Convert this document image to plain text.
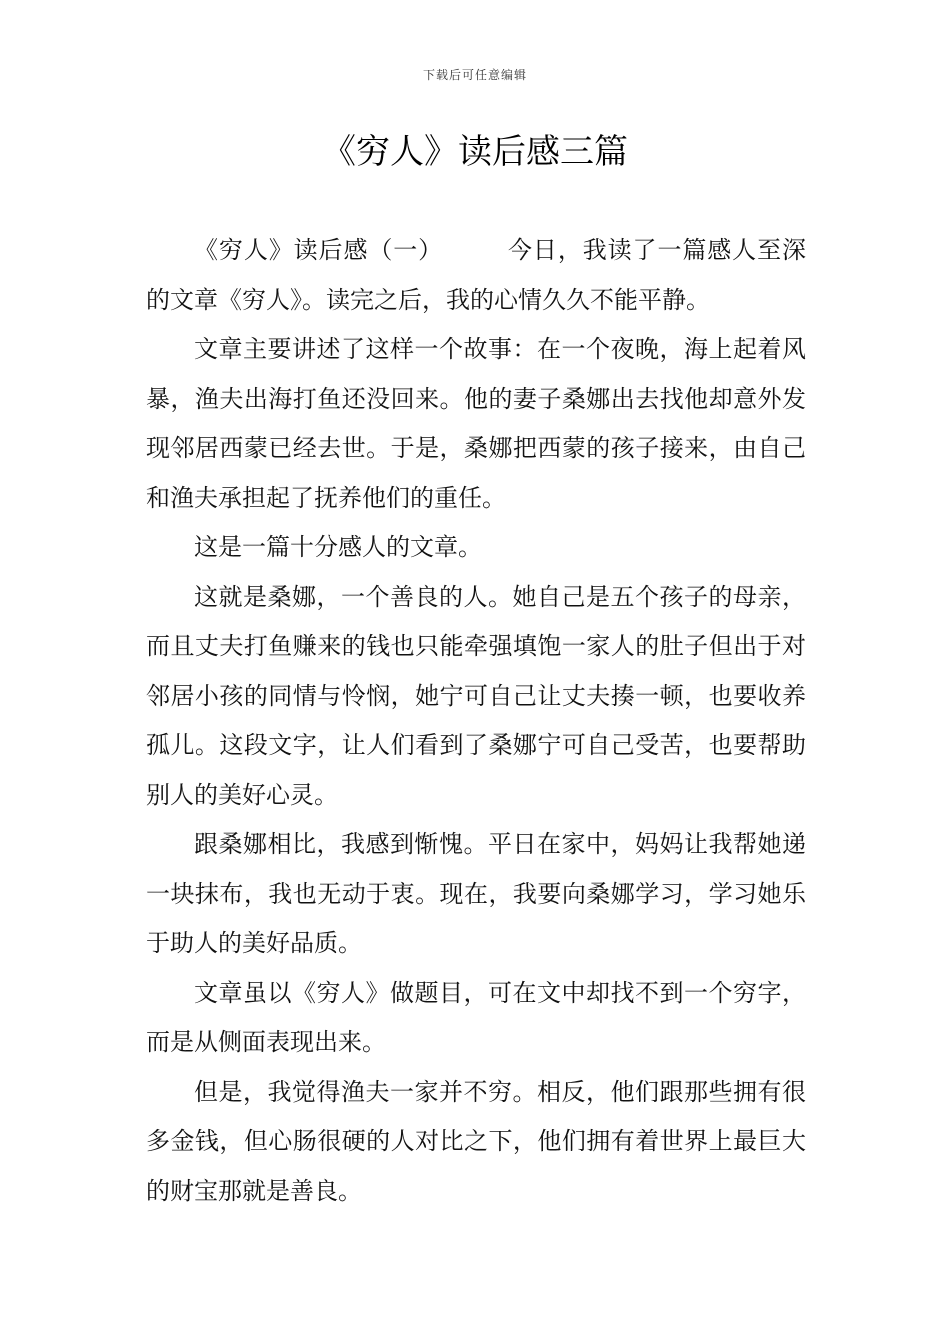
下载后可任意编辑
《穷人》读后感三篇

《穷人》读后感（一）	今日，我读了一篇感人至深的文章《穷人》。读完之后，我的心情久久不能平静。

文章主要讲述了这样一个故事：在一个夜晚，海上起着风暴，渔夫出海打鱼还没回来。他的妻子桑娜出去找他却意外发现邻居西蒙已经去世。于是，桑娜把西蒙的孩子接来，由自己和渔夫承担起了抚养他们的重任。

这是一篇十分感人的文章。

这就是桑娜，一个善良的人。她自己是五个孩子的母亲，而且丈夫打鱼赚来的钱也只能牵强填饱一家人的肚子但出于对邻居小孩的同情与怜悯，她宁可自己让丈夫揍一顿，也要收养孤儿。这段文字，让人们看到了桑娜宁可自己受苦，也要帮助别人的美好心灵。

跟桑娜相比，我感到惭愧。平日在家中，妈妈让我帮她递一块抹布，我也无动于衷。现在，我要向桑娜学习，学习她乐于助人的美好品质。

文章虽以《穷人》做题目，可在文中却找不到一个穷字，而是从侧面表现出来。

但是，我觉得渔夫一家并不穷。相反，他们跟那些拥有很多金钱，但心肠很硬的人对比之下，他们拥有着世界上最巨大的财宝那就是善良。
